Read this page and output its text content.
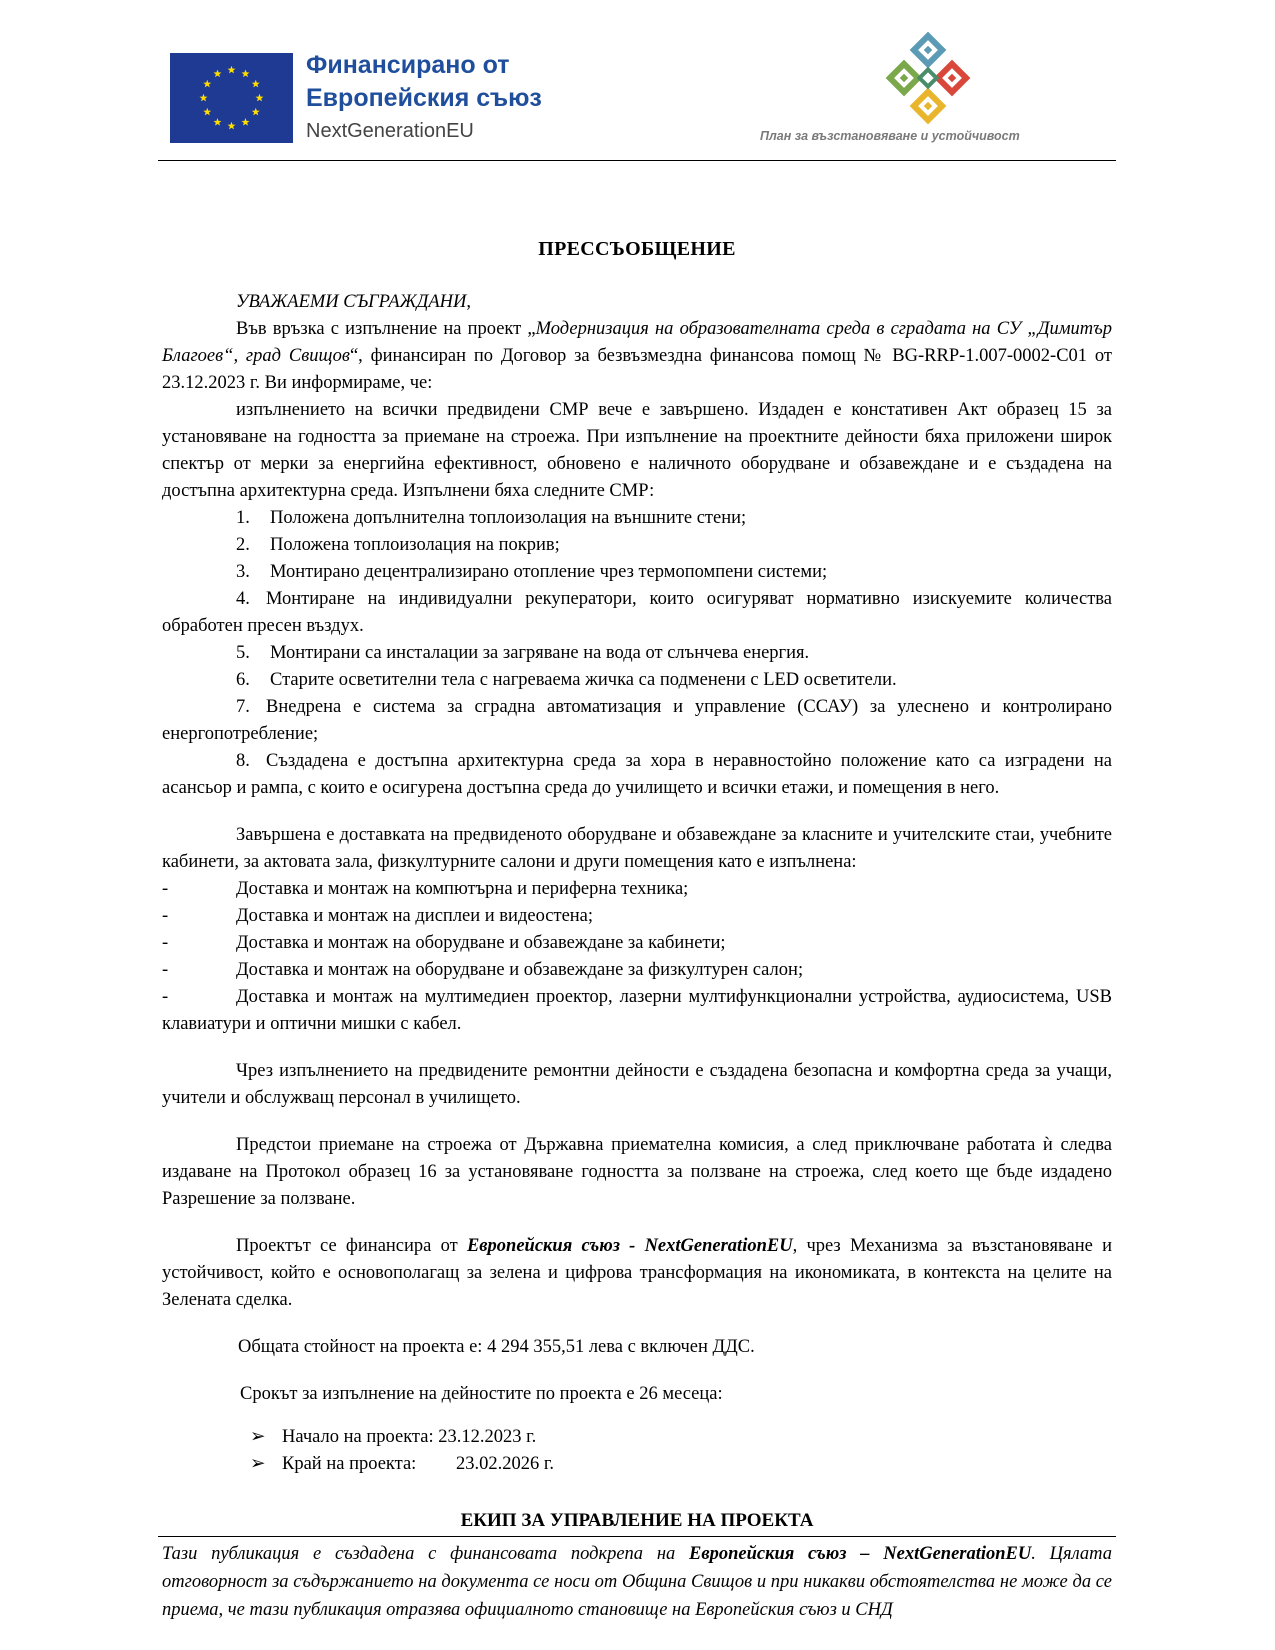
Финансирано от
Европейския съюз
NextGenerationEU	План за възстановяване и устойчивост
ПРЕССЪОБЩЕНИЕ

УВАЖАЕМИ СЪГРАЖДАНИ,

Във връзка с изпълнение на проект „Модернизация на образователната среда в сградата на СУ „Димитър Благоев“, град Свищов“, финансиран по Договор за безвъзмездна финансова помощ № BG-RRP-1.007-0002-C01 от 23.12.2023 г. Ви информираме, че:

изпълнението на всички предвидени СМР вече е завършено. Издаден е констативен Акт образец 15 за установяване на годността за приемане на строежа. При изпълнение на проектните дейности бяха приложени широк спектър от мерки за енергийна ефективност, обновено е наличното оборудване и обзавеждане и е създадена на достъпна архитектурна среда. Изпълнени бяха следните СМР:

1.	Положена допълнителна топлоизолация на външните стени;
2.	Положена топлоизолация на покрив;
3.	Монтирано децентрализирано отопление чрез термопомпени системи;

4. Монтиране на индивидуални рекуператори, които осигуряват нормативно изискуемите количества обработен пресен въздух.

5.	Монтирани са инсталации за загряване на вода от слънчева енергия.
6.	Старите осветителни тела с нагреваема жичка са подменени с LED осветители.

7. Внедрена е система за сградна автоматизация и управление (ССАУ) за улеснено и контролирано енергопотребление;

8. Създадена е достъпна архитектурна среда за хора в неравностойно положение като са изградени на асансьор и рампа, с които е осигурена достъпна среда до училището и всички етажи, и помещения в него.

Завършена е доставката на предвиденото оборудване и обзавеждане за класните и учителските стаи, учебните кабинети, за актовата зала, физкултурните салони и други помещения като е изпълнена:

-	Доставка и монтаж на компютърна и периферна техника;
-	Доставка и монтаж на дисплеи и видеостена;
-	Доставка и монтаж на оборудване и обзавеждане за кабинети;
-	Доставка и монтаж на оборудване и обзавеждане за физкултурен салон;

-	Доставка и монтаж на мултимедиен проектор, лазерни мултифункционални устройства, аудиосистема, USB клавиатури и оптични мишки с кабел.

Чрез изпълнението на предвидените ремонтни дейности е създадена безопасна и комфортна среда за учащи, учители и обслужващ персонал в училището.

Предстои приемане на строежа от Държавна приемателна комисия, а след приключване работата ѝ следва издаване на Протокол образец 16 за установяване годността за ползване на строежа, след което ще бъде издадено Разрешение за ползване.

Проектът се финансира от Европейския съюз - NextGenerationEU, чрез Механизма за възстановяване и устойчивост, който е основополагащ за зелена и цифрова трансформация на икономиката, в контекста на целите на Зелената сделка.

Общата стойност на проекта е: 4 294 355,51 лева с включен ДДС.

Срокът за изпълнение на дейностите по проекта е 26 месеца:

➢ Начало на проекта:
23.12.2023 г.
➢ Край на проекта:	23.02.2026 г.
ЕКИП ЗА УПРАВЛЕНИЕ НА ПРОЕКТА
Тази публикация е създадена с финансовата подкрепа на Европейския съюз – NextGenerationEU. Цялата отговорност за съдържанието на документа се носи от Община Свищов и при никакви обстоятелства не може да се приема, че тази публикация отразява официалното становище на Европейския съюз и СНД
